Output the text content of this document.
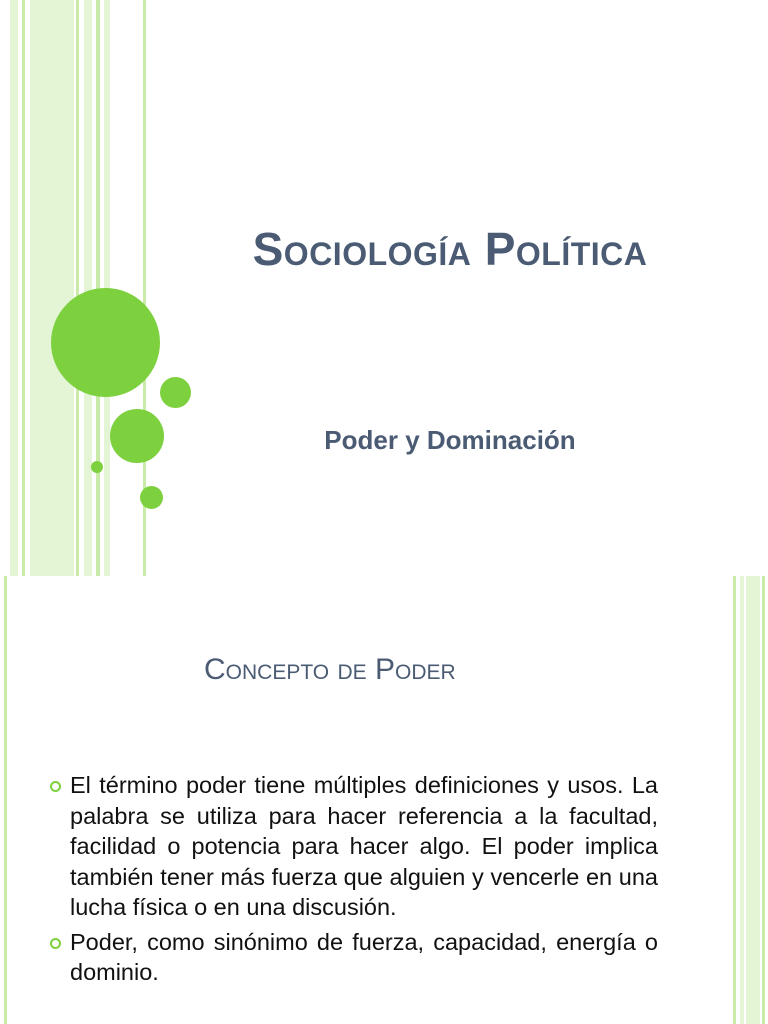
Sociología Política
Poder y Dominación
Concepto de Poder
El término poder tiene múltiples definiciones y usos. La palabra se utiliza para hacer referencia a la facultad, facilidad o potencia para hacer algo. El poder implica también tener más fuerza que alguien y vencerle en una lucha física o en una discusión.
Poder, como sinónimo de fuerza, capacidad, energía o dominio.
